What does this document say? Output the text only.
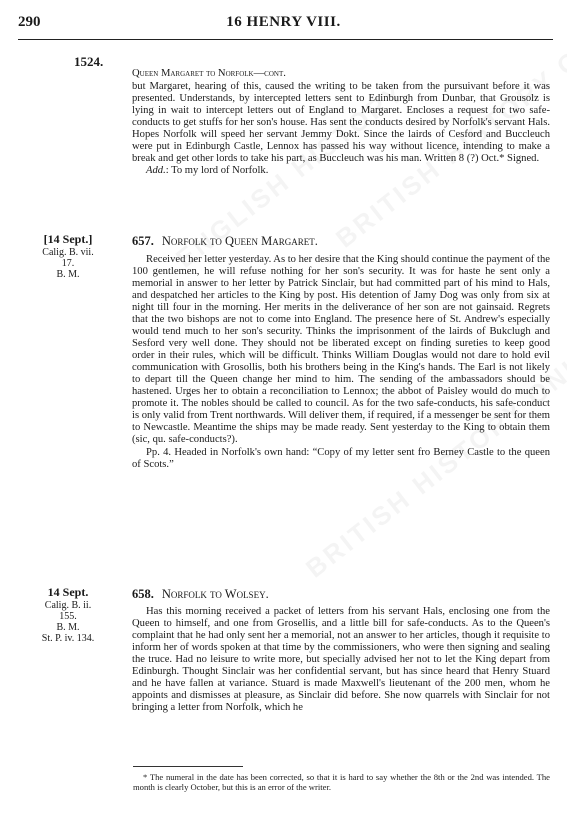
290	16 HENRY VIII.
1524.

Queen Margaret to Norfolk—cont.

but Margaret, hearing of this, caused the writing to be taken from the pursuivant before it was presented. Understands, by intercepted letters sent to Edinburgh from Dunbar, that Grousolz is lying in wait to intercept letters out of England to Margaret. Encloses a request for two safe-conducts to get stuffs for her son's house. Has sent the conducts desired by Norfolk's servant Hals. Hopes Norfolk will speed her servant Jemmy Dokt. Since the lairds of Cesford and Buccleuch were put in Edinburgh Castle, Lennox has passed his way without licence, intending to make a break and get other lords to take his part, as Buccleuch was his man. Written 8 (?) Oct.* Signed.

Add.: To my lord of Norfolk.

[14 Sept.]
Calig. B. vii.
17.
B. M.
657. Norfolk to Queen Margaret.

Received her letter yesterday. As to her desire that the King should continue the payment of the 100 gentlemen, he will refuse nothing for her son's security. It was for haste he sent only a memorial in answer to her letter by Patrick Sinclair, but had committed part of his mind to Hals, and despatched her articles to the King by post. His detention of Jamy Dog was only from six at night till four in the morning. Her merits in the deliverance of her son are not gainsaid. Regrets that the two bishops are not to come into England. The presence here of St. Andrew's especially would tend much to her son's security. Thinks the imprisonment of the lairds of Bukclugh and Sesford very well done. They should not be liberated except on finding sureties to keep good order in their rules, which will be difficult. Thinks William Douglas would not dare to hold evil communication with Grosollis, both his brothers being in the King's hands. The Earl is not likely to depart till the Queen change her mind to him. The sending of the ambassadors should be hastened. Urges her to obtain a reconciliation to Lennox; the abbot of Paisley would do much to promote it. The nobles should be called to council. As for the two safe-conducts, his safe-conduct is only valid from Trent northwards. Will deliver them, if required, if a messenger be sent for them to Newcastle. Meantime the ships may be made ready. Sent yesterday to the King to obtain them (sic, qu. safe-conducts?).

Pp. 4. Headed in Norfolk's own hand: “Copy of my letter sent fro Berney Castle to the queen of Scots.”

14 Sept.
Calig. B. ii.
155.
B. M.
St. P. iv. 134.
658. Norfolk to Wolsey.

Has this morning received a packet of letters from his servant Hals, enclosing one from the Queen to himself, and one from Grosellis, and a little bill for safe-conducts. As to the Queen's complaint that he had only sent her a memorial, not an answer to her articles, though it requisite to inform her of words spoken at that time by the commissioners, who were then signing and sealing the truce. Had no leisure to write more, but specially advised her not to let the King depart from Edinburgh. Thought Sinclair was her confidential servant, but has since heard that Henry Stuard and he have fallen at variance. Stuard is made Maxwell's lieutenant of the 200 men, whom he appoints and dismisses at pleasure, as Sinclair did before. She now quarrels with Sinclair for not bringing a letter from Norfolk, which he

* The numeral in the date has been corrected, so that it is hard to say whether the 8th or the 2nd was intended. The month is clearly October, but this is an error of the writer.
